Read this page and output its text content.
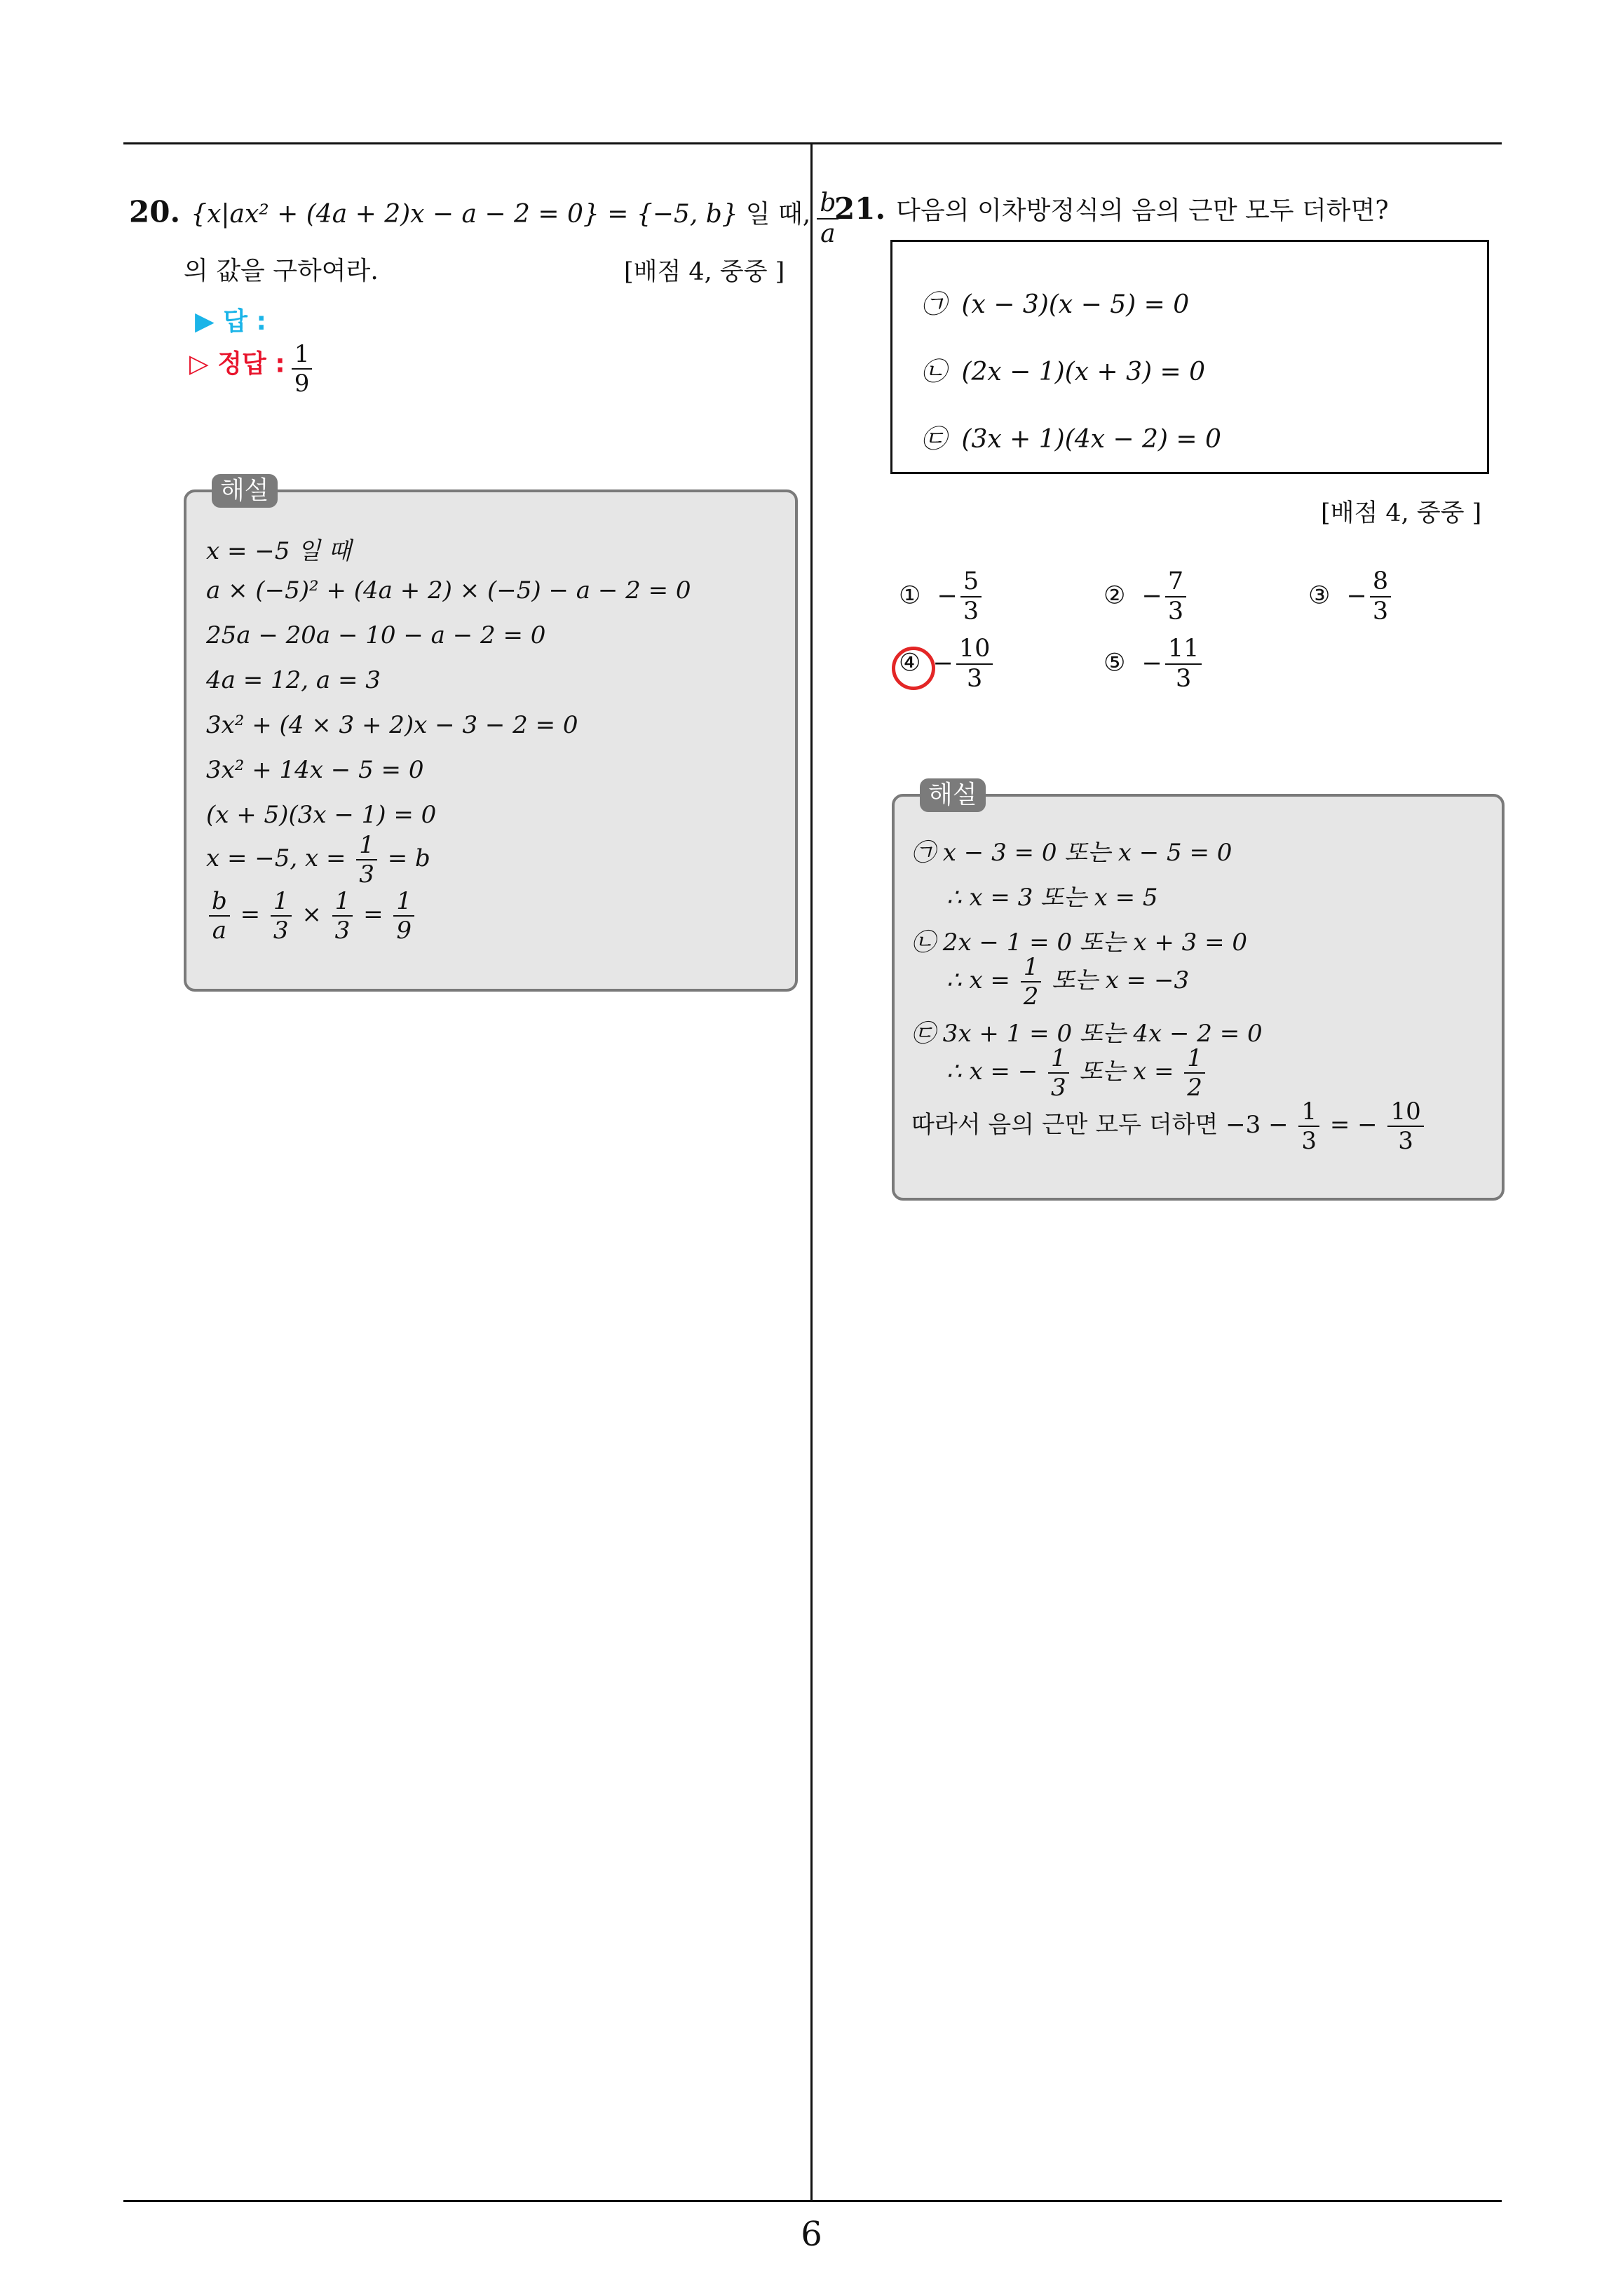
6
20. {x|ax² + (4a + 2)x − a − 2 = 0} = {−5, b} 일 때, $\frac{b}{a}$
의 값을 구하여라.	[배점 4, 중중 ]
▶ 답 :
▷ 정답 : $\frac{1}{9}$
해설
x = −5 일 때
a × (−5)² + (4a + 2) × (−5) − a − 2 = 0
25a − 20a − 10 − a − 2 = 0
4a = 12, a = 3
3x² + (4 × 3 + 2)x − 3 − 2 = 0
3x² + 14x − 5 = 0
(x + 5)(3x − 1) = 0
x = −5, $x = \frac{1}{3} = b$
$\frac{b}{a} = \frac{1}{3} \times \frac{1}{3} = \frac{1}{9}$
21. 다음의 이차방정식의 음의 근만 모두 더하면?
㉠ (x − 3)(x − 5) = 0
㉡ (2x − 1)(x + 3) = 0
㉢ (3x + 1)(4x − 2) = 0
[배점 4, 중중 ]
① − $\frac{5}{3}$	② − $\frac{7}{3}$	③ − $\frac{8}{3}$
④ − $\frac{10}{3}$	⑤ − $\frac{11}{3}$
해설
㉠ x − 3 = 0 또는 x − 5 = 0
∴ x = 3 또는 x = 5
㉡ 2x − 1 = 0 또는 x + 3 = 0
∴ $x = \frac{1}{2}$ 또는 x = −3
㉢ 3x + 1 = 0 또는 4x − 2 = 0
∴ x = − $\frac{1}{3}$ 또는 $x = \frac{1}{2}$
따라서 음의 근만 모두 더하면 $-3 - \frac{1}{3}$ = − $\frac{10}{3}$
